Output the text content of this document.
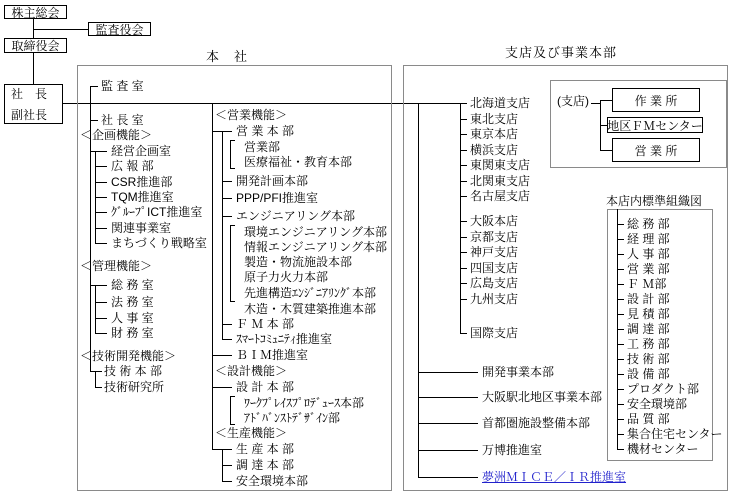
株主総会
監査役会
取締役会
社　長
副社長
本　社	支店及び事業本部
監 査 室
社 長 室
＜企画機能＞
経営企画室
広 報 部
CSR推進部
TQM推進室
ｸﾞﾙｰﾌﾟICT推進室
関連事業室
まちづくり戦略室
＜管理機能＞
総 務 室
法 務 室
人 事 室
財 務 室
＜技術開発機能＞
技 術 本 部
技術研究所
＜営業機能＞
営 業 本 部
営業部
医療福祉・教育本部
開発計画本部
PPP/PFI推進室
エンジニアリング本部
環境エンジニアリング本部
情報エンジニアリング本部
製造・物流施設本部
原子力火力本部
先進構造ｴﾝｼﾞﾆｱﾘﾝｸﾞ本部
木造・木質建築推進本部
Ｆ Ｍ 本 部
ｽﾏｰﾄｺﾐｭﾆﾃｨ推進室
ＢＩＭ推進室
＜設計機能＞
設 計 本 部
ﾜｰｸﾌﾟﾚｲｽﾌﾟﾛﾃﾞｭｰｽ本部
ｱﾄﾞﾊﾞﾝｽﾄﾃﾞｻﾞｲﾝ部
＜生産機能＞
生 産 本 部
調 達 本 部
安全環境本部
北海道支店
東北支店
東京本店
横浜支店
東関東支店
北関東支店
名古屋支店
大阪本店
京都支店
神戸支店
四国支店
広島支店
九州支店
国際支店
開発事業本部
大阪駅北地区事業本部
首都圏施設整備本部
万博推進室
夢洲ＭＩＣＥ／ＩＲ推進室
(支店)	作 業 所
地区ＦＭセンター
営 業 所
本店内標準組織図
総 務 部
経 理 部
人 事 部
営 業 部
Ｆ Ｍ部
設 計 部
見 積 部
調 達 部
工 務 部
技 術 部
設 備 部
プロダクト部
安全環境部
品 質 部
集合住宅センター
機材センター
